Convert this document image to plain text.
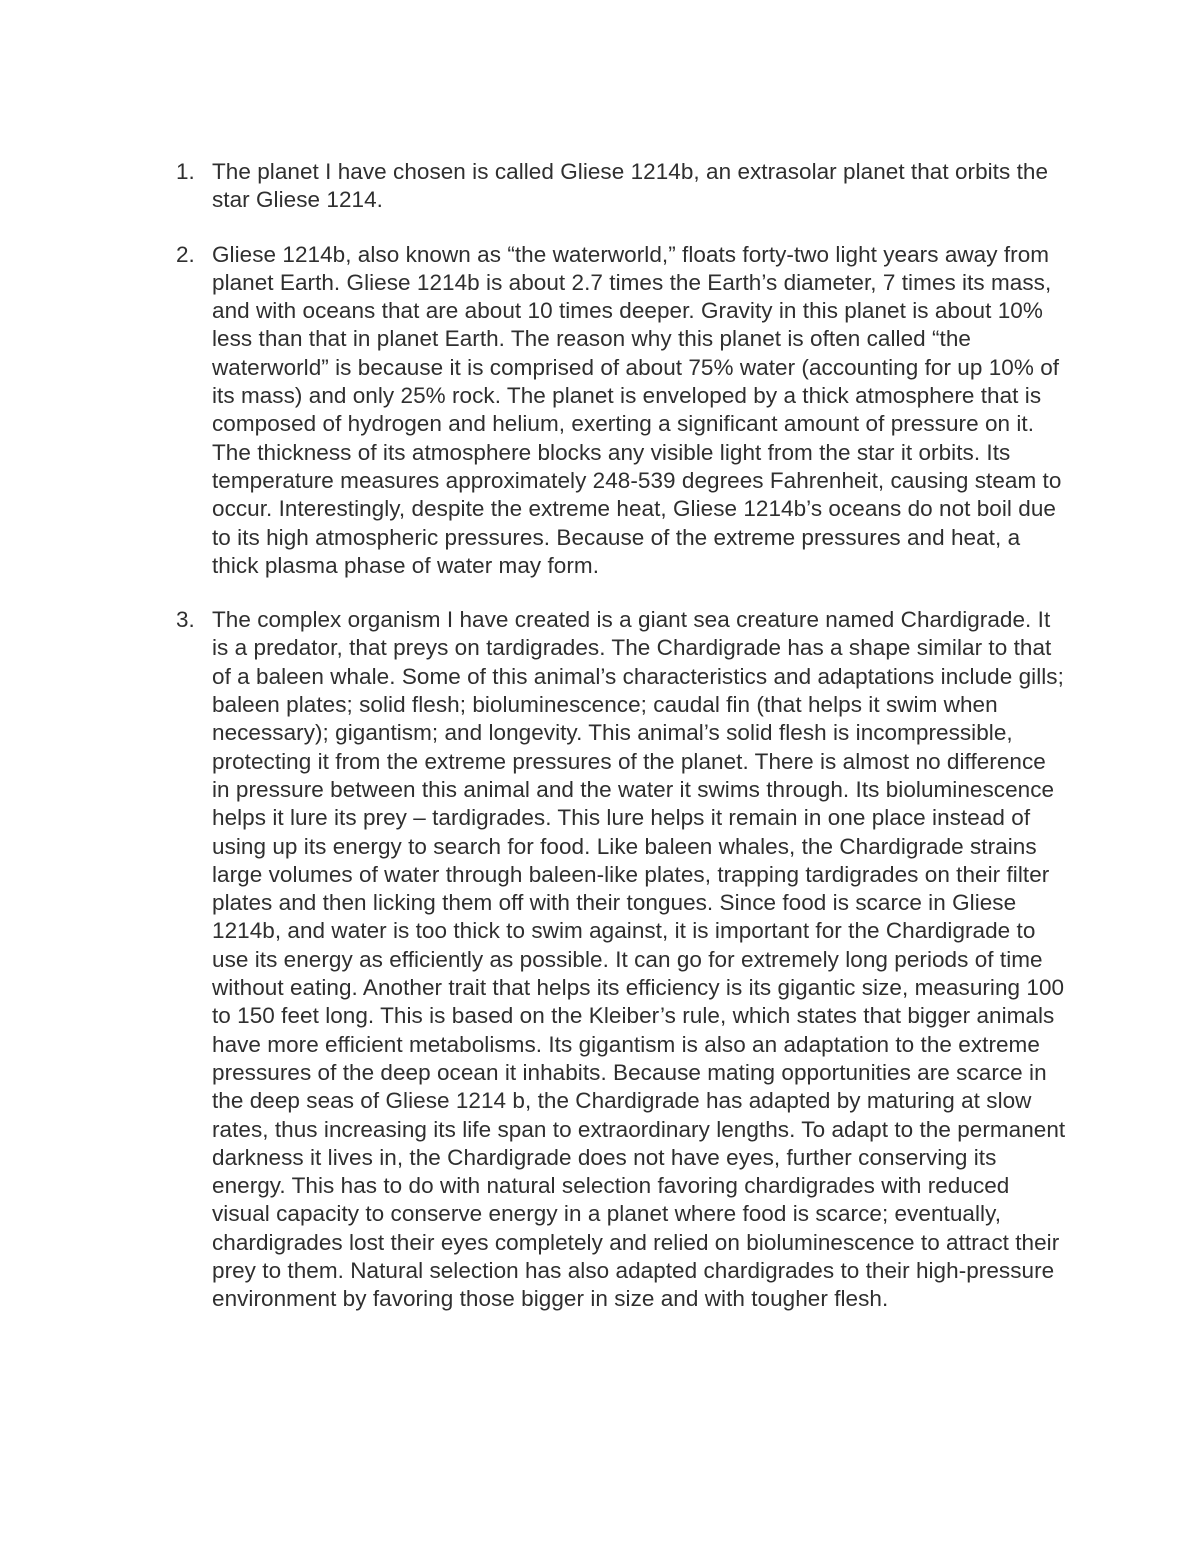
1. The planet I have chosen is called Gliese 1214b, an extrasolar planet that orbits the star Gliese 1214.

2. Gliese 1214b, also known as “the waterworld,” floats forty-two light years away from planet Earth. Gliese 1214b is about 2.7 times the Earth’s diameter, 7 times its mass, and with oceans that are about 10 times deeper. Gravity in this planet is about 10% less than that in planet Earth. The reason why this planet is often called “the waterworld” is because it is comprised of about 75% water (accounting for up 10% of its mass) and only 25% rock. The planet is enveloped by a thick atmosphere that is composed of hydrogen and helium, exerting a significant amount of pressure on it. The thickness of its atmosphere blocks any visible light from the star it orbits. Its temperature measures approximately 248-539 degrees Fahrenheit, causing steam to occur. Interestingly, despite the extreme heat, Gliese 1214b’s oceans do not boil due to its high atmospheric pressures. Because of the extreme pressures and heat, a thick plasma phase of water may form.

3. The complex organism I have created is a giant sea creature named Chardigrade. It is a predator, that preys on tardigrades. The Chardigrade has a shape similar to that of a baleen whale. Some of this animal’s characteristics and adaptations include gills; baleen plates; solid flesh; bioluminescence; caudal fin (that helps it swim when necessary); gigantism; and longevity. This animal’s solid flesh is incompressible, protecting it from the extreme pressures of the planet. There is almost no difference in pressure between this animal and the water it swims through. Its bioluminescence helps it lure its prey – tardigrades. This lure helps it remain in one place instead of using up its energy to search for food. Like baleen whales, the Chardigrade strains large volumes of water through baleen-like plates, trapping tardigrades on their filter plates and then licking them off with their tongues. Since food is scarce in Gliese 1214b, and water is too thick to swim against, it is important for the Chardigrade to use its energy as efficiently as possible. It can go for extremely long periods of time without eating. Another trait that helps its efficiency is its gigantic size, measuring 100 to 150 feet long. This is based on the Kleiber’s rule, which states that bigger animals have more efficient metabolisms. Its gigantism is also an adaptation to the extreme pressures of the deep ocean it inhabits. Because mating opportunities are scarce in the deep seas of Gliese 1214 b, the Chardigrade has adapted by maturing at slow rates, thus increasing its life span to extraordinary lengths. To adapt to the permanent darkness it lives in, the Chardigrade does not have eyes, further conserving its energy. This has to do with natural selection favoring chardigrades with reduced visual capacity to conserve energy in a planet where food is scarce; eventually, chardigrades lost their eyes completely and relied on bioluminescence to attract their prey to them. Natural selection has also adapted chardigrades to their high-pressure environment by favoring those bigger in size and with tougher flesh.
